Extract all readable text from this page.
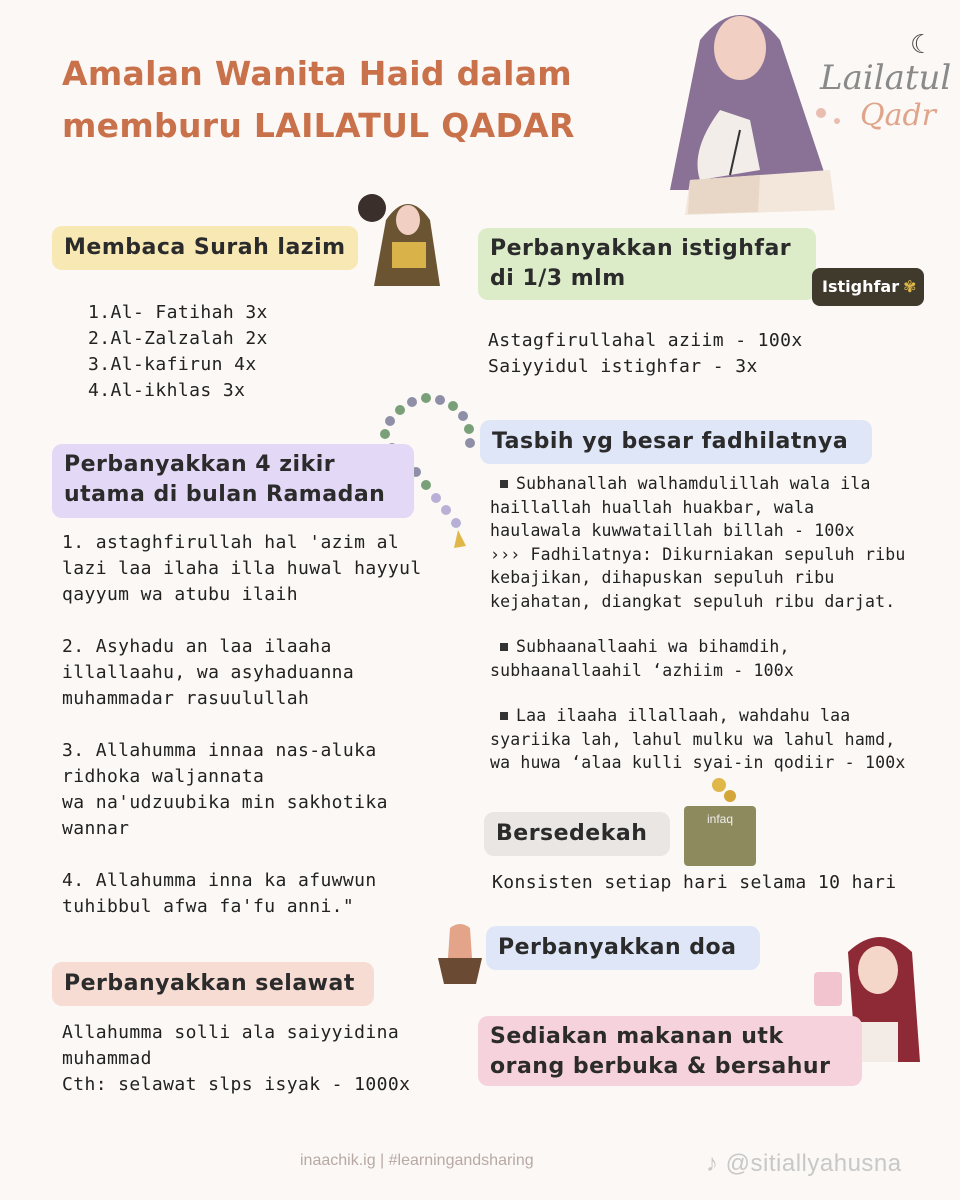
Amalan Wanita Haid dalam
memburu LAILATUL QADAR
☾
Lailatul
Qadr
Membaca Surah lazim
1.Al- Fatihah 3x
2.Al-Zalzalah 2x
3.Al-kafirun 4x
4.Al-ikhlas 3x
Perbanyakkan 4 zikir
utama di bulan Ramadan

1. astaghfirullah hal 'azim al
lazi laa ilaha illa huwal hayyul
qayyum wa atubu ilaih

2. Asyhadu an laa ilaaha
illallaahu, wa asyhaduanna
muhammadar rasuulullah

3. Allahumma innaa nas-aluka
ridhoka waljannata
wa na'udzuubika min sakhotika
wannar

4. Allahumma inna ka afuwwun
tuhibbul afwa fa'fu anni."

Perbanyakkan selawat
Allahumma solli ala saiyyidina
muhammad
Cth: selawat slps isyak - 1000x
Perbanyakkan istighfar
di 1/3 mlm	Istighfar ✾
Astagfirullahal aziim - 100x
Saiyyidul istighfar - 3x
Tasbih yg besar fadhilatnya

Subhanallah walhamdulillah wala ila
haillallah huallah huakbar, wala
haulawala kuwwataillah billah - 100x
››› Fadhilatnya: Dikurniakan sepuluh ribu
kebajikan, dihapuskan sepuluh ribu
kejahatan, diangkat sepuluh ribu darjat.

Subhaanallaahi wa bihamdih,
subhaanallaahil ‘azhiim - 100x

Laa ilaaha illallaah, wahdahu laa
syariika lah, lahul mulku wa lahul hamd,
wa huwa ‘alaa kulli syai-in qodiir - 100x

Bersedekah
infaq
Konsisten setiap hari selama 10 hari
Perbanyakkan doa
Sediakan makanan utk
orang berbuka & bersahur
inaachik.ig | #learningandsharing	♪ @sitiallyahusna
